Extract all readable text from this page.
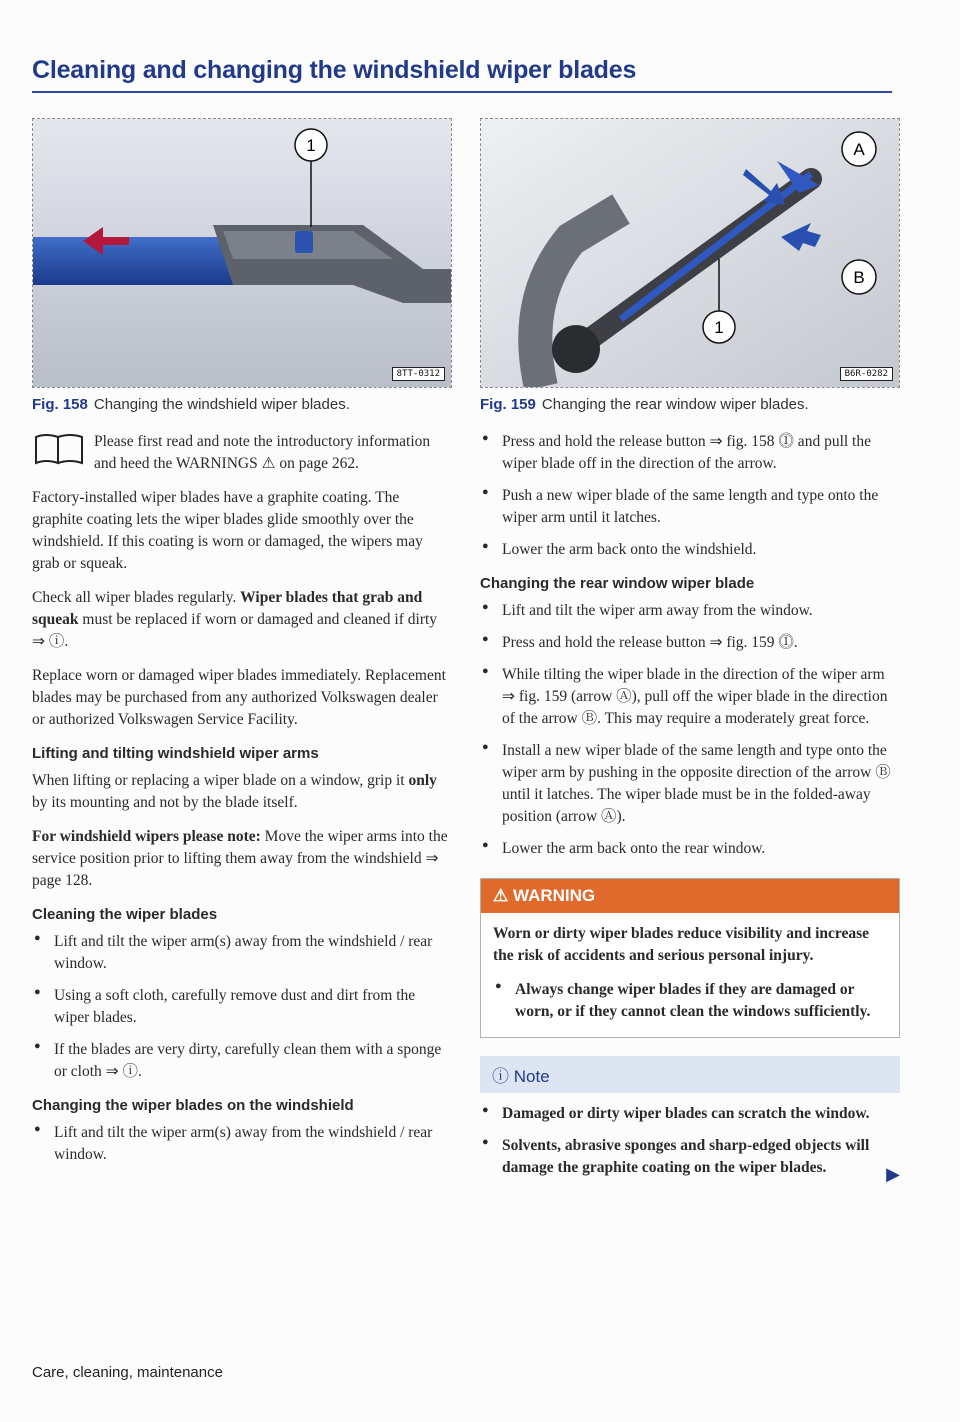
Cleaning and changing the windshield wiper blades
1
8TT-0312
Fig. 158 Changing the windshield wiper blades.

Please first read and note the introductory information and heed the WARNINGS ⚠ on page 262.

Factory-installed wiper blades have a graphite coating. The graphite coating lets the wiper blades glide smoothly over the windshield. If this coating is worn or damaged, the wipers may grab or squeak.

Check all wiper blades regularly. Wiper blades that grab and squeak must be replaced if worn or damaged and cleaned if dirty ⇒ ⓘ.

Replace worn or damaged wiper blades immediately. Replacement blades may be purchased from any authorized Volkswagen dealer or authorized Volkswagen Service Facility.

Lifting and tilting windshield wiper arms

When lifting or replacing a wiper blade on a window, grip it only by its mounting and not by the blade itself.

For windshield wipers please note: Move the wiper arms into the service position prior to lifting them away from the windshield ⇒ page 128.

Cleaning the wiper blades
● Lift and tilt the wiper arm(s) away from the windshield / rear window.
● Using a soft cloth, carefully remove dust and dirt from the wiper blades.
● If the blades are very dirty, carefully clean them with a sponge or cloth ⇒ ⓘ.
Changing the wiper blades on the windshield
● Lift and tilt the wiper arm(s) away from the windshield / rear window.
A
B
1
B6R-0282
Fig. 159 Changing the rear window wiper blades.
● Press and hold the release button ⇒ fig. 158 ⓵ and pull the wiper blade off in the direction of the arrow.
● Push a new wiper blade of the same length and type onto the wiper arm until it latches.
● Lower the arm back onto the windshield.
Changing the rear window wiper blade
● Lift and tilt the wiper arm away from the window.
● Press and hold the release button ⇒ fig. 159 ⓵.
● While tilting the wiper blade in the direction of the wiper arm ⇒ fig. 159 (arrow Ⓐ), pull off the wiper blade in the direction of the arrow Ⓑ. This may require a moderately great force.
● Install a new wiper blade of the same length and type onto the wiper arm by pushing in the opposite direction of the arrow Ⓑ until it latches. The wiper blade must be in the folded-away position (arrow Ⓐ).
● Lower the arm back onto the rear window.
⚠ WARNING

Worn or dirty wiper blades reduce visibility and increase the risk of accidents and serious personal injury.

● Always change wiper blades if they are damaged or worn, or if they cannot clean the windows sufficiently.
ⓘ Note
● Damaged or dirty wiper blades can scratch the window.
● Solvents, abrasive sponges and sharp-edged objects will damage the graphite coating on the wiper blades.	▶
Care, cleaning, maintenance
